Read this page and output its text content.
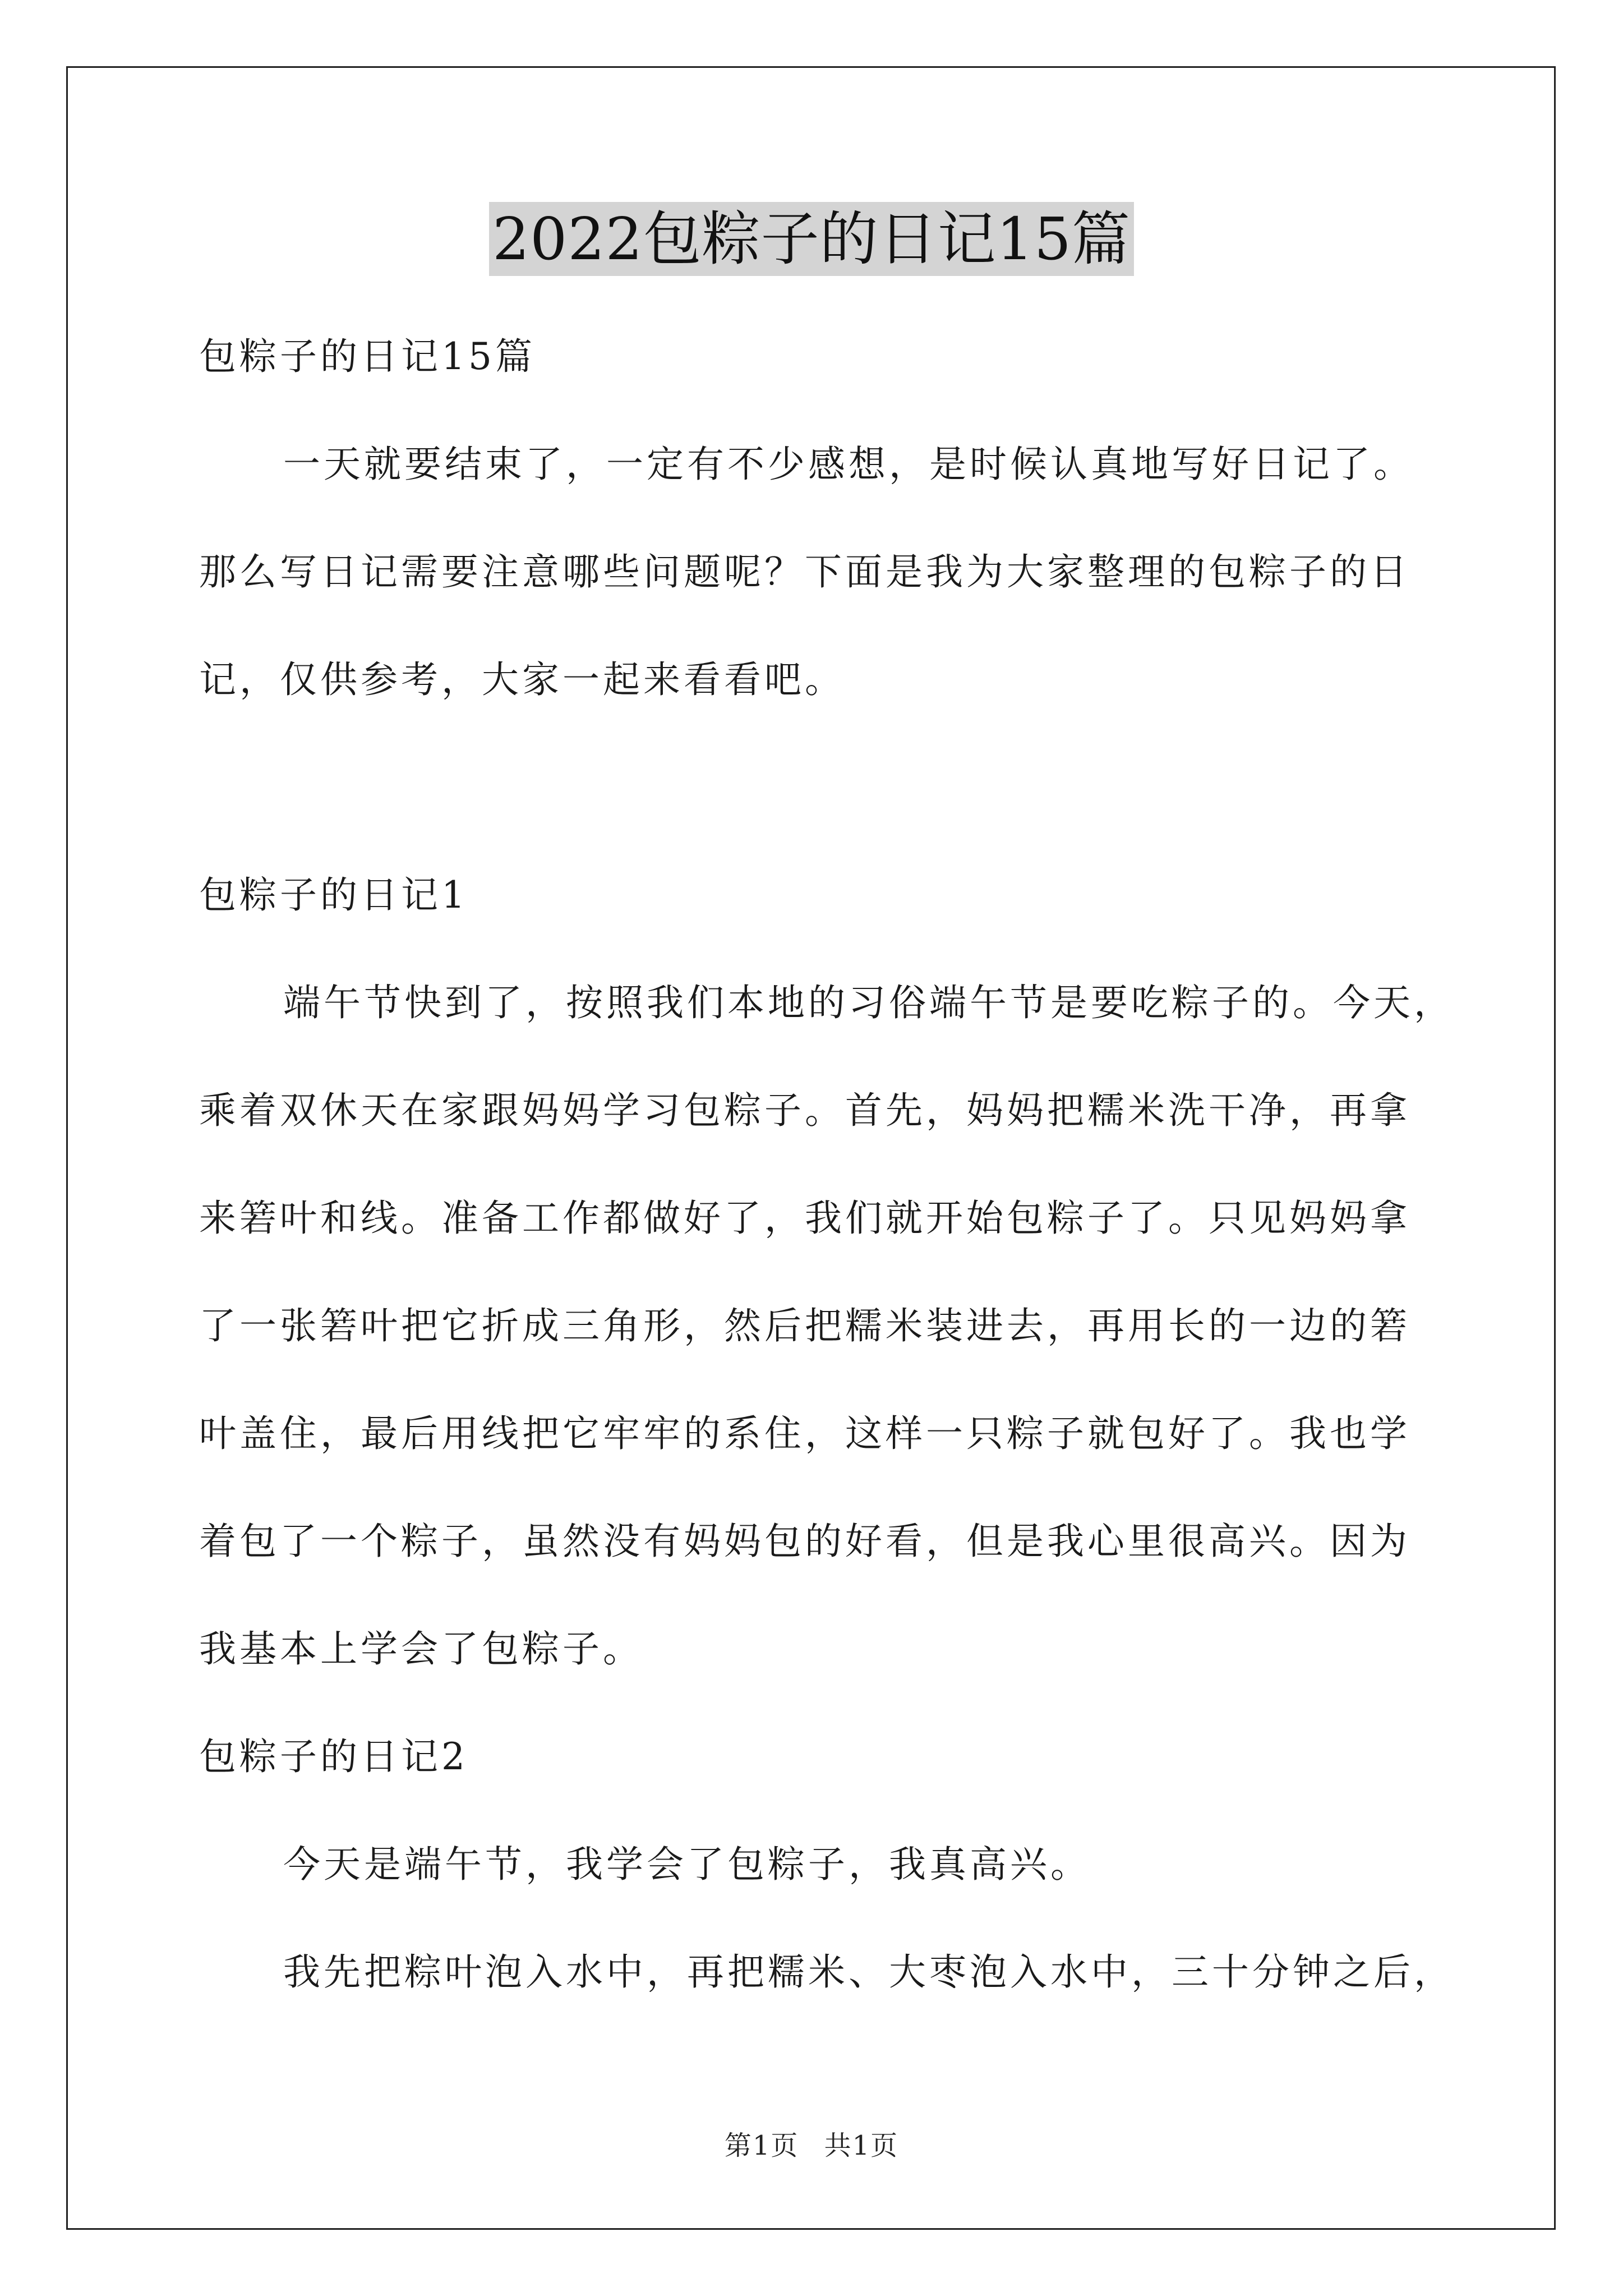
2022包粽子的日记15篇
包粽子的日记15篇
一天就要结束了，一定有不少感想，是时候认真地写好日记了。
那么写日记需要注意哪些问题呢？下面是我为大家整理的包粽子的日
记，仅供参考，大家一起来看看吧。
包粽子的日记1
端午节快到了，按照我们本地的习俗端午节是要吃粽子的。今天，
乘着双休天在家跟妈妈学习包粽子。首先，妈妈把糯米洗干净，再拿
来箬叶和线。准备工作都做好了，我们就开始包粽子了。只见妈妈拿
了一张箬叶把它折成三角形，然后把糯米装进去，再用长的一边的箬
叶盖住，最后用线把它牢牢的系住，这样一只粽子就包好了。我也学
着包了一个粽子，虽然没有妈妈包的好看，但是我心里很高兴。因为
我基本上学会了包粽子。
包粽子的日记2
今天是端午节，我学会了包粽子，我真高兴。
我先把粽叶泡入水中，再把糯米、大枣泡入水中，三十分钟之后，
第1页 共1页
